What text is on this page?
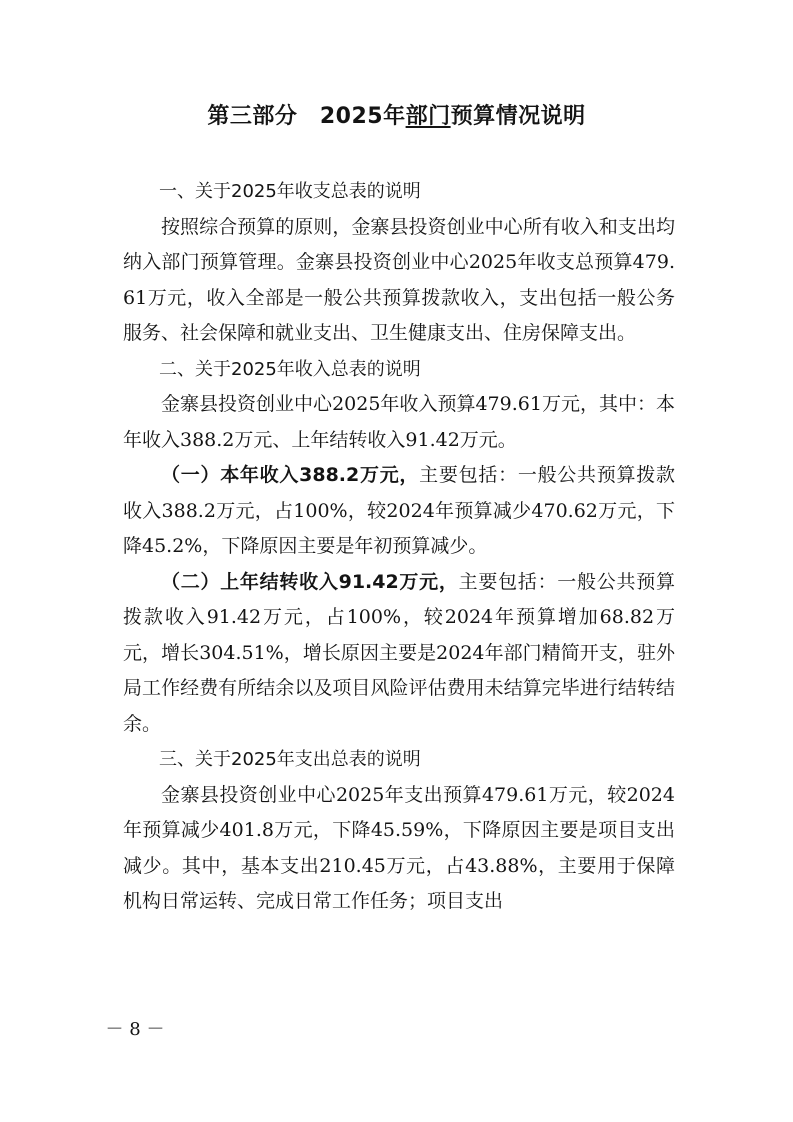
第三部分　2025年部门预算情况说明

一、关于2025年收支总表的说明

按照综合预算的原则，金寨县投资创业中心所有收入和支出均纳入部门预算管理。金寨县投资创业中心2025年收支总预算479.61万元，收入全部是一般公共预算拨款收入，支出包括一般公务服务、社会保障和就业支出、卫生健康支出、住房保障支出。

二、关于2025年收入总表的说明

金寨县投资创业中心2025年收入预算479.61万元，其中：本年收入388.2万元、上年结转收入91.42万元。

（一）本年收入388.2万元，主要包括：一般公共预算拨款收入388.2万元，占100%，较2024年预算减少470.62万元，下降45.2%，下降原因主要是年初预算减少。

（二）上年结转收入91.42万元，主要包括：一般公共预算拨款收入91.42万元，占100%，较2024年预算增加68.82万元，增长304.51%，增长原因主要是2024年部门精简开支，驻外局工作经费有所结余以及项目风险评估费用未结算完毕进行结转结余。

三、关于2025年支出总表的说明

金寨县投资创业中心2025年支出预算479.61万元，较2024年预算减少401.8万元，下降45.59%，下降原因主要是项目支出减少。其中，基本支出210.45万元，占43.88%，主要用于保障机构日常运转、完成日常工作任务；项目支出

－ 8 －
